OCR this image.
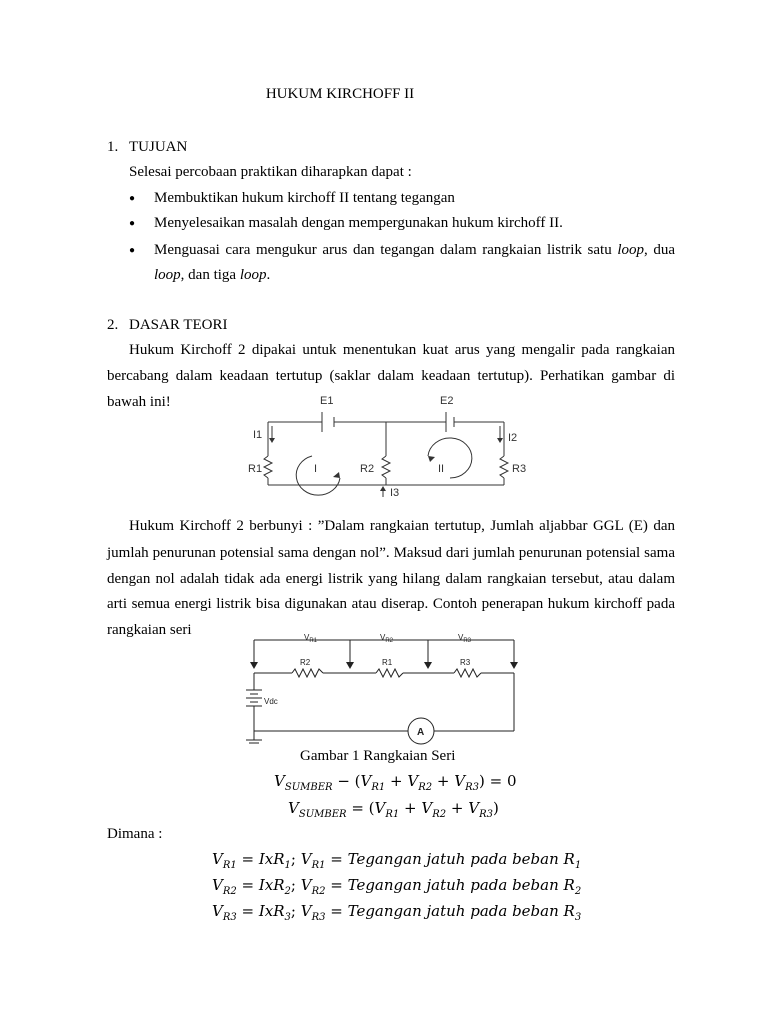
HUKUM KIRCHOFF II
1. TUJUAN
Selesai percobaan praktikan diharapkan dapat :
● Membuktikan hukum kirchoff II tentang tegangan
● Menyelesaikan masalah dengan mempergunakan hukum kirchoff II.
● Menguasai cara mengukur arus dan tegangan dalam rangkaian listrik satu loop, dua
loop, dan tiga loop.
2. DASAR TEORI
Hukum Kirchoff 2 dipakai untuk menentukan kuat arus yang mengalir pada rangkaian
bercabang dalam keadaan tertutup (saklar dalam keadaan tertutup). Perhatikan gambar di
bawah ini!	E1	E2
I1	I2
I3
R1	R2	R3
I	II
Hukum Kirchoff 2 berbunyi : ”Dalam rangkaian tertutup, Jumlah aljabbar GGL (E) dan
jumlah penurunan potensial sama dengan nol”. Maksud dari jumlah penurunan potensial sama
dengan nol adalah tidak ada energi listrik yang hilang dalam rangkaian tersebut, atau dalam
arti semua energi listrik bisa digunakan atau diserap. Contoh penerapan hukum kirchoff pada
rangkaian seri	$V_{R1}$	$V_{R2}$	$V_{R3}$
R2	R1	R3
Vdc
A
Gambar 1 Rangkaian Seri
$V_{SUMBER} - (V_{R1} + V_{R2} + V_{R3}) = 0$
$V_{SUMBER} = (V_{R1} + V_{R2} + V_{R3})$
Dimana :
$V_{R1} = IxR_1$; $V_{R1}$ = Tegangan jatuh pada beban $R_1$
$V_{R2} = IxR_2$; $V_{R2}$ = Tegangan jatuh pada beban $R_2$
$V_{R3} = IxR_3$; $V_{R3}$ = Tegangan jatuh pada beban $R_3$
